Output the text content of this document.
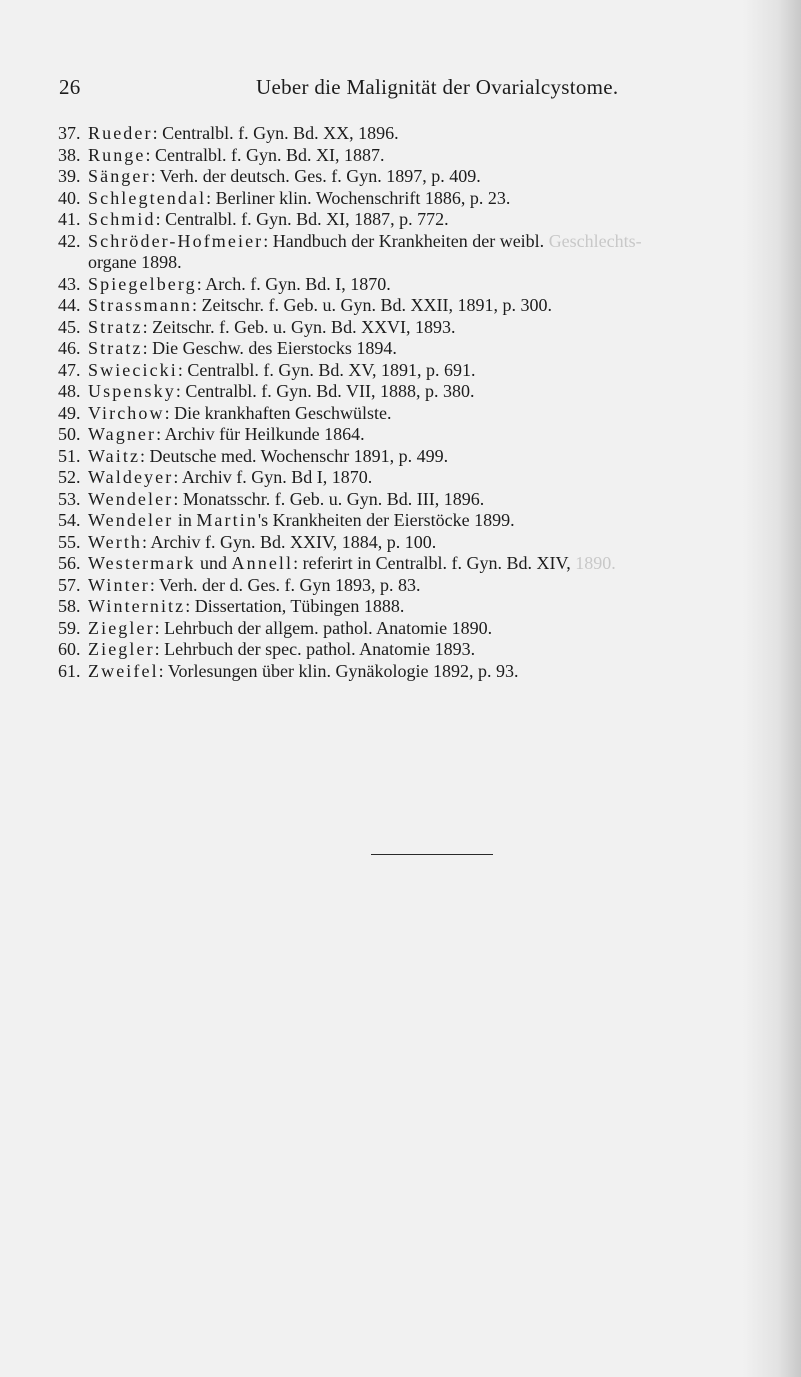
26	Ueber die Malignität der Ovarialcystome.
37. Rueder: Centralbl. f. Gyn. Bd. XX, 1896.
38. Runge: Centralbl. f. Gyn. Bd. XI, 1887.
39. Sänger: Verh. der deutsch. Ges. f. Gyn. 1897, p. 409.
40. Schlegtendal: Berliner klin. Wochenschrift 1886, p. 23.
41. Schmid: Centralbl. f. Gyn. Bd. XI, 1887, p. 772.
42. Schröder-Hofmeier: Handbuch der Krankheiten der weibl. Geschlechts-
organe 1898.
43. Spiegelberg: Arch. f. Gyn. Bd. I, 1870.
44. Strassmann: Zeitschr. f. Geb. u. Gyn. Bd. XXII, 1891, p. 300.
45. Stratz: Zeitschr. f. Geb. u. Gyn. Bd. XXVI, 1893.
46. Stratz: Die Geschw. des Eierstocks 1894.
47. Swiecicki: Centralbl. f. Gyn. Bd. XV, 1891, p. 691.
48. Uspensky: Centralbl. f. Gyn. Bd. VII, 1888, p. 380.
49. Virchow: Die krankhaften Geschwülste.
50. Wagner: Archiv für Heilkunde 1864.
51. Waitz: Deutsche med. Wochenschr 1891, p. 499.
52. Waldeyer: Archiv f. Gyn. Bd I, 1870.
53. Wendeler: Monatsschr. f. Geb. u. Gyn. Bd. III, 1896.
54. Wendeler in Martin's Krankheiten der Eierstöcke 1899.
55. Werth: Archiv f. Gyn. Bd. XXIV, 1884, p. 100.
56. Westermark und Annell: referirt in Centralbl. f. Gyn. Bd. XIV, 1890.
57. Winter: Verh. der d. Ges. f. Gyn 1893, p. 83.
58. Winternitz: Dissertation, Tübingen 1888.
59. Ziegler: Lehrbuch der allgem. pathol. Anatomie 1890.
60. Ziegler: Lehrbuch der spec. pathol. Anatomie 1893.
61. Zweifel: Vorlesungen über klin. Gynäkologie 1892, p. 93.
